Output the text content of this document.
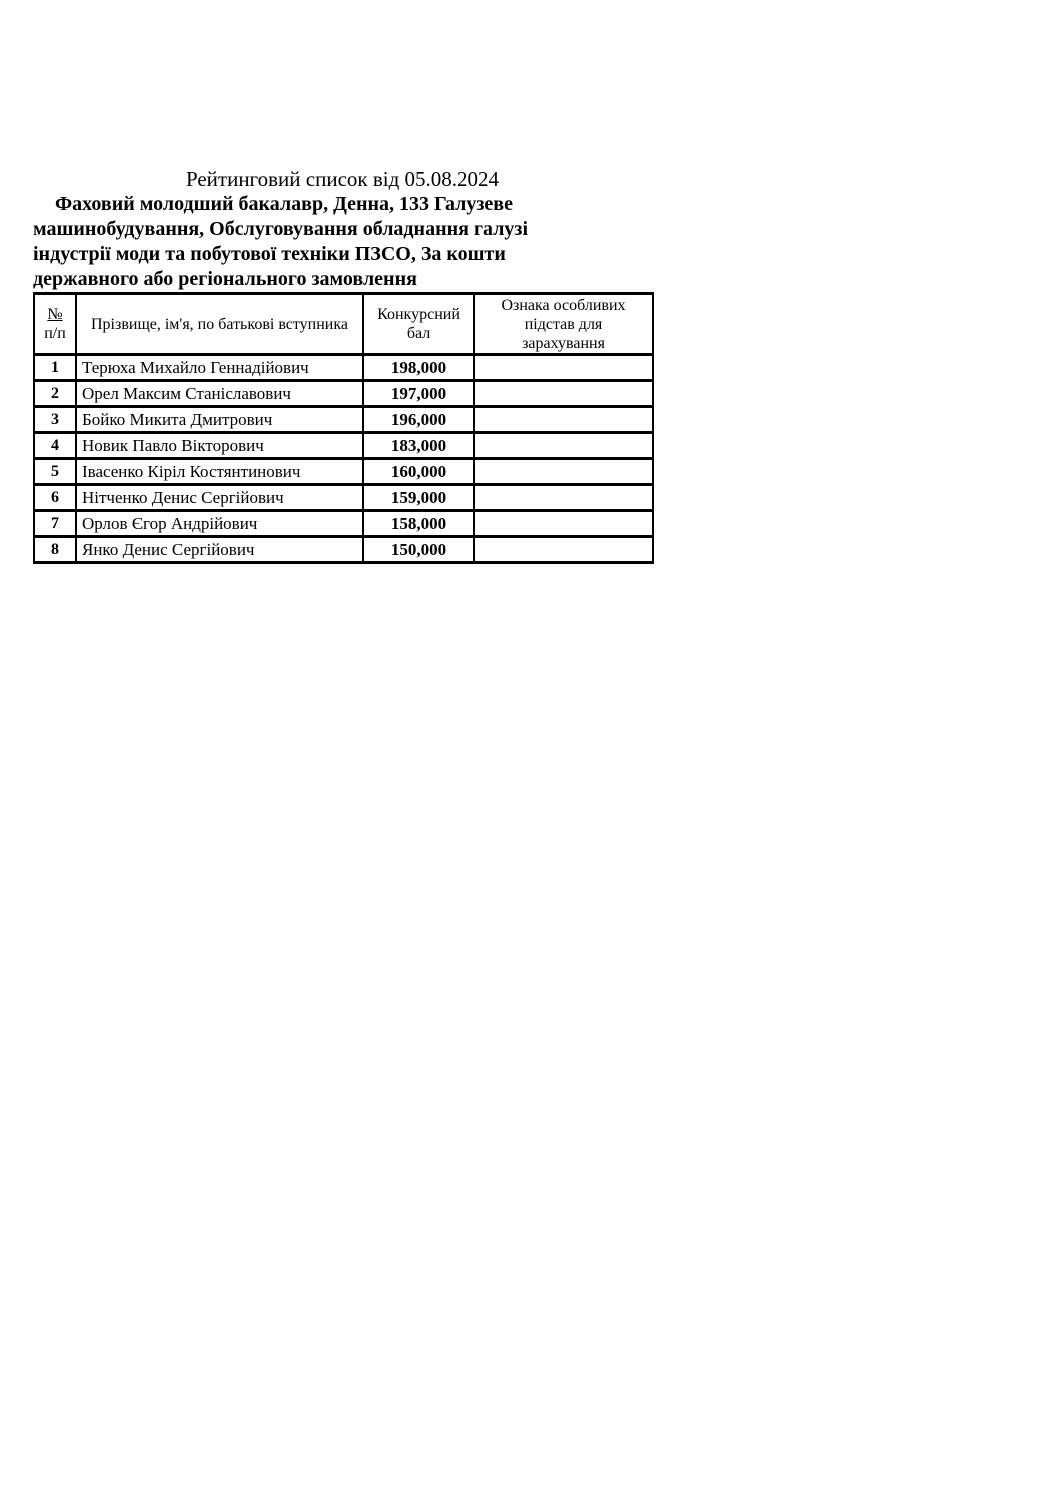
Рейтинговий список від 05.08.2024
Фаховий молодший бакалавр, Денна, 133 Галузеве
машинобудування, Обслуговування обладнання галузі
індустрії моди та побутової техніки ПЗСО, За кошти
державного або регіонального замовлення
№
п/п	Прізвище, ім'я, по батькові вступника	Конкурсний бал	Ознака особливих підстав для зарахування
1	Терюха Михайло Геннадійович	198,000	
2	Орел Максим Станіславович	197,000	
3	Бойко Микита Дмитрович	196,000	
4	Новик Павло Вікторович	183,000	
5	Івасенко Кіріл Костянтинович	160,000	
6	Нітченко Денис Сергійович	159,000	
7	Орлов Єгор Андрійович	158,000	
8	Янко Денис Сергійович	150,000	
